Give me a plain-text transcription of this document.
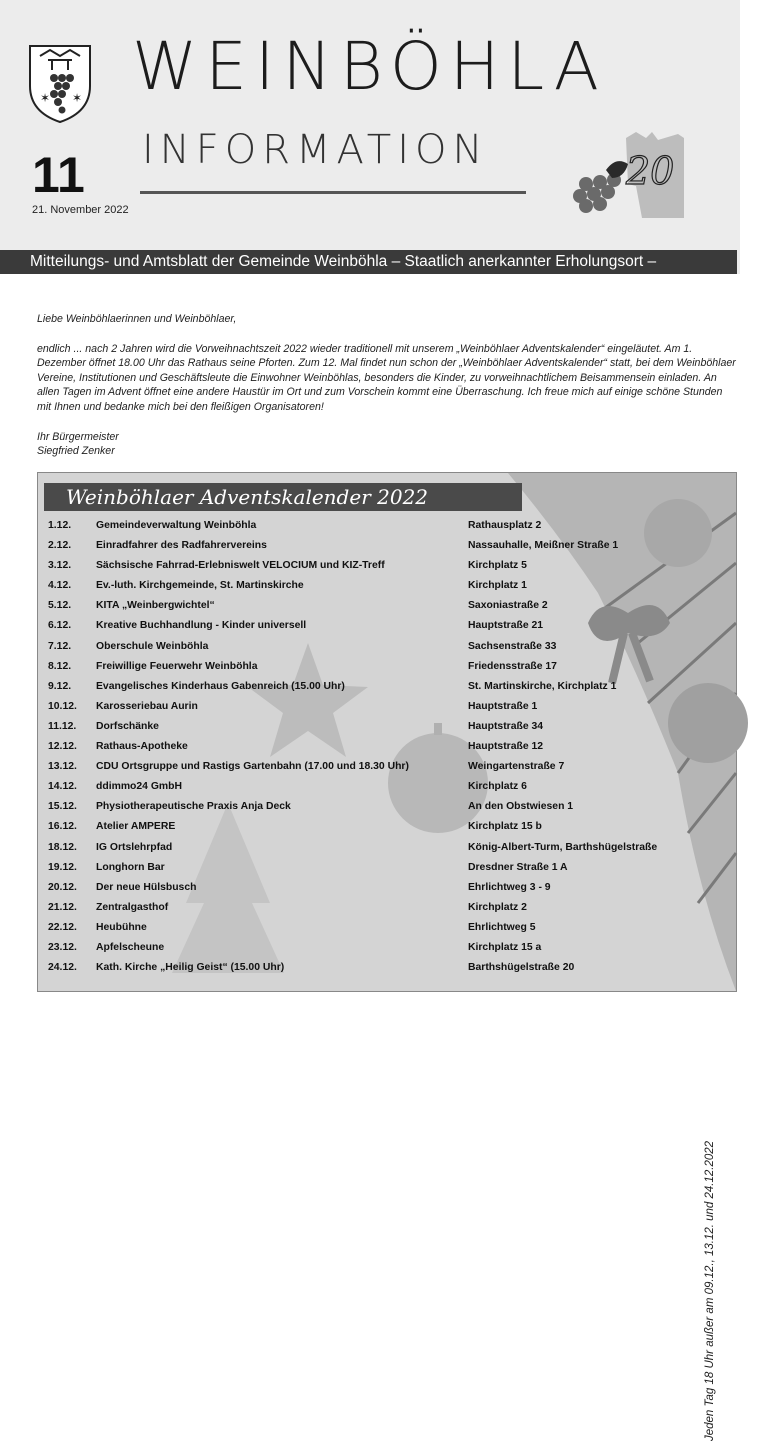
✶ ✶ WEINBÖHLA
INFORMATION
11
21. November 2022
20
Mitteilungs- und Amtsblatt der Gemeinde Weinböhla – Staatlich anerkannter Erholungsort –

Liebe Weinböhlaerinnen und Weinböhlaer,

endlich ... nach 2 Jahren wird die Vorweihnachtszeit 2022 wieder traditionell mit unserem „Weinböhlaer Adventskalender“ eingeläutet. Am 1. Dezember öffnet 18.00 Uhr das Rathaus seine Pforten. Zum 12. Mal findet nun schon der „Weinböhlaer Adventskalender“ statt, bei dem Weinböhlaer Vereine, Institutionen und Geschäftsleute die Einwohner Weinböhlas, besonders die Kinder, zu vorweihnachtlichem Beisammensein einladen. An allen Tagen im Advent öffnet eine andere Haustür im Ort und zum Vorschein kommt eine Überraschung. Ich freue mich auf einige schöne Stunden mit Ihnen und bedanke mich bei den fleißigen Organisatoren!

Ihr Bürgermeister

Siegfried Zenker

Weinböhlaer Adventskalender 2022
1.12. Gemeindeverwaltung Weinböhla	Rathausplatz 2
2.12. Einradfahrer des Radfahrervereins	Nassauhalle, Meißner Straße 1
3.12. Sächsische Fahrrad-Erlebniswelt VELOCIUM und KIZ-Treff	Kirchplatz 5
4.12. Ev.-luth. Kirchgemeinde, St. Martinskirche	Kirchplatz 1
5.12. KITA „Weinbergwichtel“	Saxoniastraße 2
6.12. Kreative Buchhandlung - Kinder universell	Hauptstraße 21
7.12. Oberschule Weinböhla	Sachsenstraße 33
8.12. Freiwillige Feuerwehr Weinböhla	Friedensstraße 17
9.12. Evangelisches Kinderhaus Gabenreich (15.00 Uhr)	St. Martinskirche, Kirchplatz 1
10.12. Karosseriebau Aurin	Hauptstraße 1
11.12. Dorfschänke	Hauptstraße 34
12.12. Rathaus-Apotheke	Hauptstraße 12
13.12. CDU Ortsgruppe und Rastigs Gartenbahn (17.00 und 18.30 Uhr)	Weingartenstraße 7
14.12. ddimmo24 GmbH	Kirchplatz 6
15.12. Physiotherapeutische Praxis Anja Deck	An den Obstwiesen 1
16.12. Atelier AMPERE	Kirchplatz 15 b
18.12. IG Ortslehrpfad	König-Albert-Turm, Barthshügelstraße
19.12. Longhorn Bar	Dresdner Straße 1 A
20.12. Der neue Hülsbusch	Ehrlichtweg 3 - 9
21.12. Zentralgasthof	Kirchplatz 2
22.12. Heubühne	Ehrlichtweg 5
23.12. Apfelscheune	Kirchplatz 15 a
24.12. Kath. Kirche „Heilig Geist“ (15.00 Uhr)	Barthshügelstraße 20
Jeden Tag 18 Uhr außer am 09.12., 13.12. und 24.12.2022
